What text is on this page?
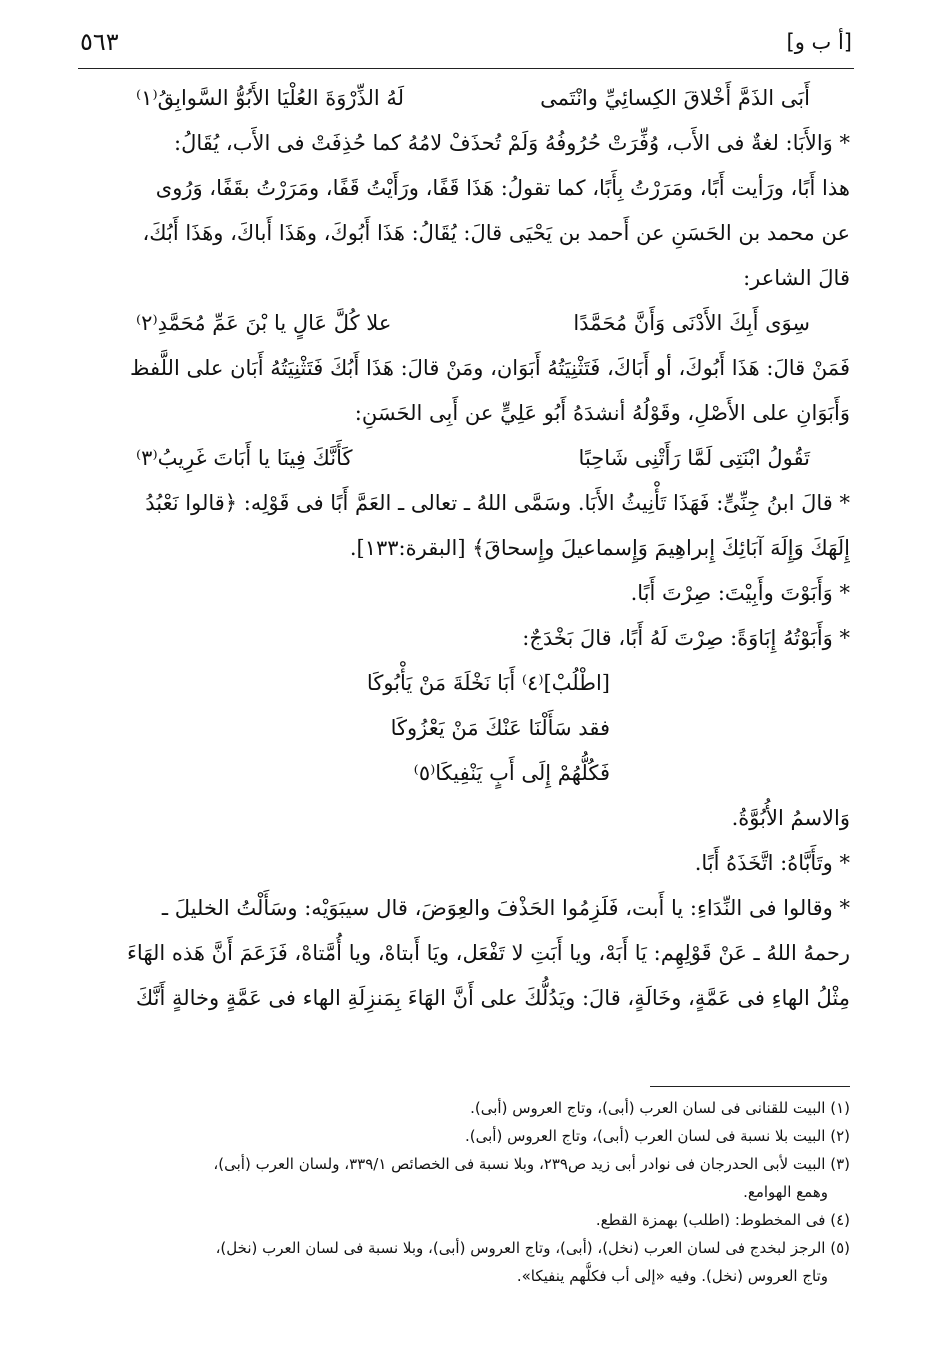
[أ ب و]
٥٦٣
أَبَى الذَمَّ أَخْلاقَ الكِسائِيِّ وانْتَمى
لَهُ الذِّرْوَةَ العُلْيَا الأَبُوُّ السَّوابِقُ⁽١⁾
* وَالأَبَا: لغةٌ فى الأَب، وُفِّرَتْ حُرُوفُهُ وَلَمْ تُحذَفْ لامُهُ كما حُذِفَتْ فى الأَب، يُقَالُ:
هذا أَبًا، ورَأيت أَبًا، ومَرَرْتُ بِأَبًا، كما تقولُ: هَذَا قَفًا، ورَأَيْتُ قَفًا، ومَرَرْتُ بقَفًا، وَرُوى
عن محمد بن الحَسَنِ عن أَحمد بن يَحْيَى قالَ: يُقَالُ: هَذَا أَبُوكَ، وهَذَا أَباكَ، وهَذَا أَبُكَ،
قالَ الشاعر:
سِوَى أَبِكَ الأَدْنَى وَأَنَّ مُحَمَّدًا
علا كُلَّ عَالٍ يا بْنَ عَمِّ مُحَمَّدِ⁽٢⁾
فَمَنْ قالَ: هَذَا أَبُوكَ، أو أَبَاكَ، فَتَثْنِيَتُهُ أَبَوَان، ومَنْ قالَ: هَذَا أَبُكَ فَتَثْنِيَتُهُ أَبَان على اللَّفظ
وَأَبَوَانِ على الأَصْلِ، وقَوْلُهُ أنشدَهُ أَبُو عَلِيٍّ عن أَبِى الحَسَنِ:
تَقُولُ ابْنَتِى لَمَّا رَأَتْنِى شَاحِبًا
كَأَنَّكَ فِينَا يا أَبَاتَ غَرِيبُ⁽٣⁾
* قالَ ابنُ جِنِّىٍّ: فَهَذَا تَأْنِيثُ الأَبَا. وسَمَّى اللهُ ـ تعالى ـ العَمَّ أَبًا فى قَوْلِه: ﴿قالوا نَعْبُدُ
إِلَهَكَ وَإِلَهَ آبَائِكَ إِبراهِيمَ وَإِسماعيلَ وإِسحاقَ﴾ [البقرة:١٣٣].
* وَأَبَوْتَ وأَبِيْتَ: صِرْتَ أَبًا.
* وَأَبَوْتُهُ إِبَاوَةً: صِرْتَ لَهُ أَبًا، قالَ بَخْدَجٌ:
[اطْلُبْ]⁽٤⁾ أَبَا نَخْلَةَ مَنْ يَأْبُوكَا
فقد سَأَلْنَا عَنْكَ مَنْ يَعْزُوكَا
فَكُلُّهُمْ إِلَى أَبٍ يَنْفِيكَا⁽٥⁾
وَالاسمُ الأُبُوَّةُ.
* وتَأَبَّاهُ: اتَّخَذَهُ أَبًا.
* وقالوا فى النِّدَاءِ: يا أَبت، فَلَزِمُوا الحَذْفَ والعِوَضَ، قال سيبَوَيْه: وسَأَلْتُ الخليلَ ـ
رحمهُ اللهُ ـ عَنْ قَوْلِهِم: يَا أَبَهْ، ويا أَبَتِ لا تَفْعَل، ويَا أَبتاهْ، ويا أُمَّتاهْ، فَزَعَمَ أَنَّ هَذه الهَاءَ
مِثْلُ الهاءِ فى عَمَّةٍ، وخَالَةٍ، قالَ: ويَدُلُّكَ على أَنَّ الهَاءَ بِمَنزِلَةِ الهاء فى عَمَّةٍ وخالةٍ أَنَّكَ
(١) البيت للقنانى فى لسان العرب (أبى)، وتاج العروس (أبى).
(٢) البيت بلا نسبة فى لسان العرب (أبى)، وتاج العروس (أبى).
(٣) البيت لأبى الحدرجان فى نوادر أبى زيد ص٢٣٩، وبلا نسبة فى الخصائص ٣٣٩/١، ولسان العرب (أبى)،
وهمع الهوامع.
(٤) فى المخطوط: (اطلب) بهمزة القطع.
(٥) الرجز لبخدج فى لسان العرب (نخل)، (أبى)، وتاج العروس (أبى)، وبلا نسبة فى لسان العرب (نخل)،
وتاج العروس (نخل). وفيه «إلى أب فكلُّهم ينفيكا».
